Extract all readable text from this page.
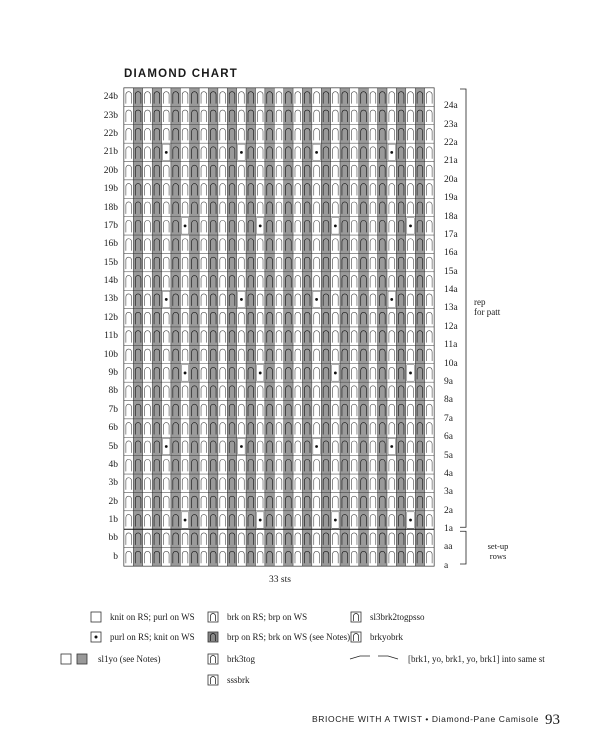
DIAMOND CHART
24b
23b
22b
21b
20b
19b
18b
17b
16b
15b
14b
13b
12b
11b
10b
9b
8b
7b
6b
5b
4b
3b
2b
1b
bb
b
24a
23a
22a
21a
20a
19a
18a
17a
16a
15a
14a
13a
12a
11a
10a
9a
8a
7a
6a
5a
4a
3a
2a
1a
aa
a
rep
for patt
set-up
rows
33 sts
knit on RS; purl on WS
purl on RS; knit on WS
sl1yo (see Notes)
brk on RS; brp on WS
brp on RS; brk on WS (see Notes)
brk3tog
sssbrk
sl3brk2togpsso
brkyobrk
[brk1, yo, brk1, yo, brk1] into same st
BRIOCHE WITH A TWIST • Diamond-Pane Camisole 93
